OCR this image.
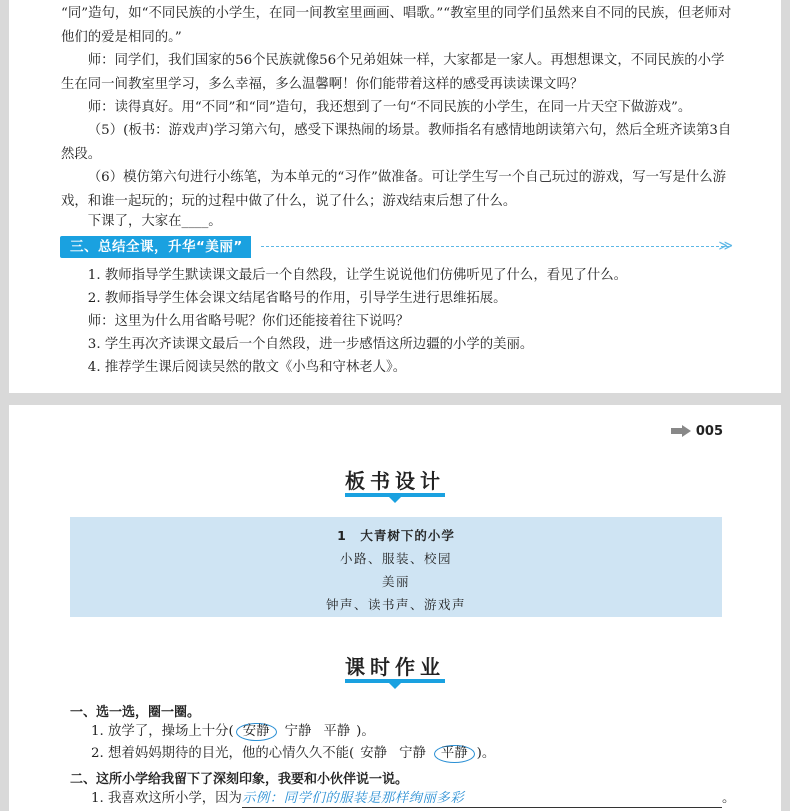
“同”造句，如“不同民族的小学生，在同一间教室里画画、唱歌。”“教室里的同学们虽然来自不同的民族，但老师对他们的爱是相同的。”

师：同学们，我们国家的56个民族就像56个兄弟姐妹一样，大家都是一家人。再想想课文，不同民族的小学生在同一间教室里学习，多么幸福，多么温馨啊！你们能带着这样的感受再读读课文吗？

师：读得真好。用“不同”和“同”造句，我还想到了一句“不同民族的小学生，在同一片天空下做游戏”。

（5）(板书：游戏声)学习第六句，感受下课热闹的场景。教师指名有感情地朗读第六句，然后全班齐读第3自然段。

（6）模仿第六句进行小练笔，为本单元的“习作”做准备。可让学生写一个自己玩过的游戏，写一写是什么游戏，和谁一起玩的；玩的过程中做了什么，说了什么；游戏结束后想了什么。

下课了，大家在____。

三、总结全课，升华“美丽”	≫

1. 教师指导学生默读课文最后一个自然段，让学生说说他们仿佛听见了什么，看见了什么。

2. 教师指导学生体会课文结尾省略号的作用，引导学生进行思维拓展。

师：这里为什么用省略号呢？你们还能接着往下说吗？

3. 学生再次齐读课文最后一个自然段，进一步感悟这所边疆的小学的美丽。

4. 推荐学生课后阅读吴然的散文《小鸟和守林老人》。

005
板书设计
1　大青树下的小学
小路、服装、校园
美丽
钟声、读书声、游戏声
课时作业
一、选一选，圈一圈。
1. 放学了，操场上十分( 安静 宁静 平静 )。
2. 想着妈妈期待的目光，他的心情久久不能( 安静 宁静 平静 )。
二、这所小学给我留下了深刻印象，我要和小伙伴说一说。
1. 我喜欢这所小学，因为示例：同学们的服装是那样绚丽多彩	。
